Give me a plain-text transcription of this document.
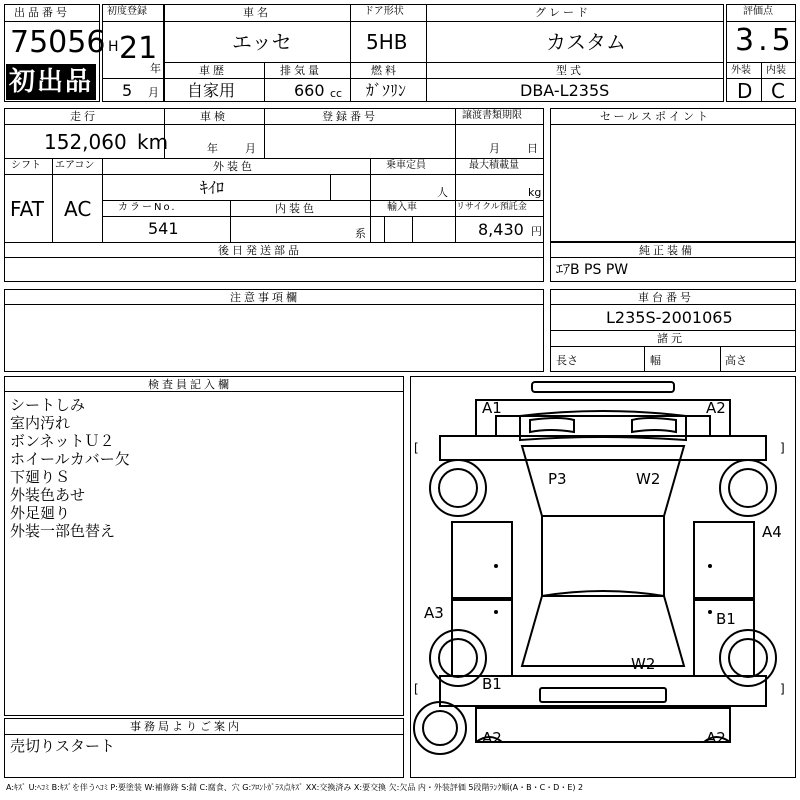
出品番号
75056
初出品
初度登録
H 21
年
5 月
車名
エッセ
ドア形状
5HB
グレード
カスタム
車歴
自家用
排気量
660 cc
燃料
ｶﾞｿﾘﾝ
型式
DBA-L235S
評価点
3.5
外装 内装
D C
走行
152,060 km
車検
年 月
登録番号	譲渡書類期限
月 日
シフト
FAT
エアコン
AC
外装色
ｷｲﾛ
乗車定員
人
最大積載量
kg
カラーNo.
541
内装色
系
輸入車	リサイクル預託金
8,430 円
後日発送部品
セールスポイント
純正装備
ｴｱB PS PW
注意事項欄	車台番号
L235S-2001065
諸元
長さ	幅	高さ
検査員記入欄
シートしみ
室内汚れ
ボンネットＵ２
ホイールカバー欠
下廻りＳ
外装色あせ
外足廻り
外装一部色替え
事務局よりご案内
売切りスタート
A1	A2
P3	W2
A4
A3	B1
W2
B1
A2	A2
[	]
[	]
A:ｷｽﾞ U:ﾍｺﾐ B:ｷｽﾞを伴うﾍｺﾐ P:要塗装 W:補修跡 S:錆 C:腐食、穴 G:ﾌﾛﾝﾄｶﾞﾗｽ点ｷｽﾞ XX:交換済み X:要交換 欠:欠品 内・外装評価 5段階ﾗﾝｸ順(A・B・C・D・E) 2
